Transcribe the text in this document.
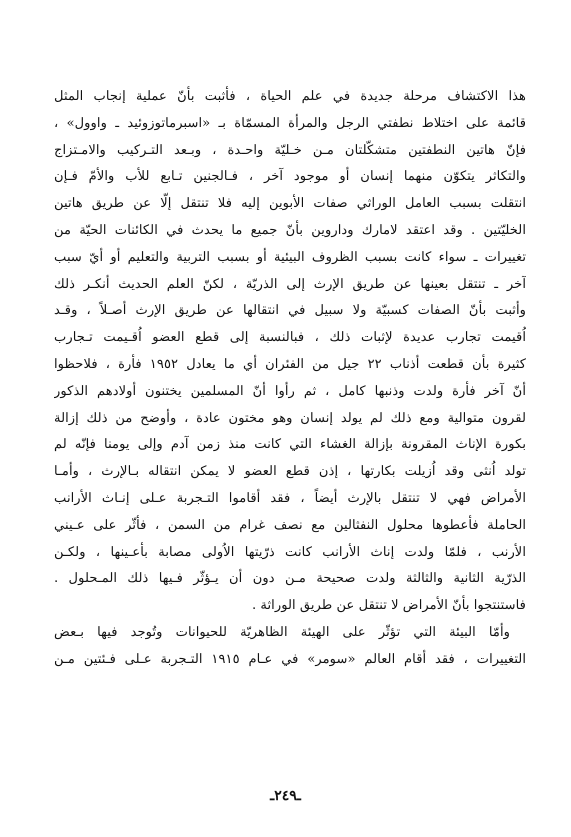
هذا الاكتشاف مرحلة جديدة في علم الحياة ، فأثبت بأنّ عملية إنجاب المثل
قائمة على اختلاط نطفتي الرجل والمرأة المسمّاة بـ «اسبرماتوزوئيد ـ واوول» ،
فإنّ هاتين النطفتين متشكّلتان مـن خـليّة واحـدة ، وبـعد التـركيب والامـتزاج
والتكاثر يتكوّن منهما إنسان أو موجود آخر ، فـالجنين تـابع للأب والأمّ فـإن
انتقلت بسبب العامل الوراثي صفات الأبوين إليه فلا تنتقل إلّا عن طريق هاتين
الخليّتين . وقد اعتقد لامارك وداروين بأنّ جميع ما يحدث في الكائنات الحيّة من
تغييرات ـ سواء كانت بسبب الظروف البيئية أو بسبب التربية والتعليم أو أيّ سبب
آخر ـ تنتقل بعينها عن طريق الإرث إلى الذريّة ، لكنّ العلم الحديث أنكـر ذلك
وأثبت بأنّ الصفات كسبيّة ولا سبيل في انتقالها عن طريق الإرث أصـلاً ، وقـد
اُقيمت تجارب عديدة لإثبات ذلك ، فبالنسبة إلى قطع العضو اُقـيمت تـجارب
كثيرة بأن قطعت أذناب ٢٢ جيل من الفئران أي ما يعادل ١٩٥٢ فأرة ، فلاحظوا
أنّ آخر فأرة ولدت وذنبها كامل ، ثم رأوا أنّ المسلمين يختنون أولادهم الذكور
لقرون متوالية ومع ذلك لم يولد إنسان وهو مختون عادة ، وأوضح من ذلك إزالة
بكورة الإناث المقرونة بإزالة الغشاء التي كانت منذ زمن آدم وإلى يومنا فإنّه لم
تولد اُنثى وقد اُزيلت بكارتها ، إذن قطع العضو لا يمكن انتقاله بـالإرث ، وأمـا
الأمراض فهي لا تنتقل بالإرث أيضاً ، فقد أقاموا التـجربة عـلى إنـاث الأرانب
الحاملة فأعطوها محلول النفثالين مع نصف غرام من السمن ، فأثّر على عـيني
الأرنب ، فلمّا ولدت إناث الأرانب كانت ذرّيتها الاُولى مصابة بأعـينها ، ولكـن
الذرّية الثانية والثالثة ولدت صحيحة مـن دون أن يـؤثّر فـيها ذلك المـحلول .
فاستنتجوا بأنّ الأمراض لا تنتقل عن طريق الوراثة .
وأمّا البيئة التي تؤثّر على الهيئة الظاهريّة للحيوانات وتُوجد فيها بـعض
التغييرات ، فقد أقام العالم «سومر» في عـام ١٩١٥ التـجربة عـلى فـئتين مـن
ـ٢٤٩ـ
